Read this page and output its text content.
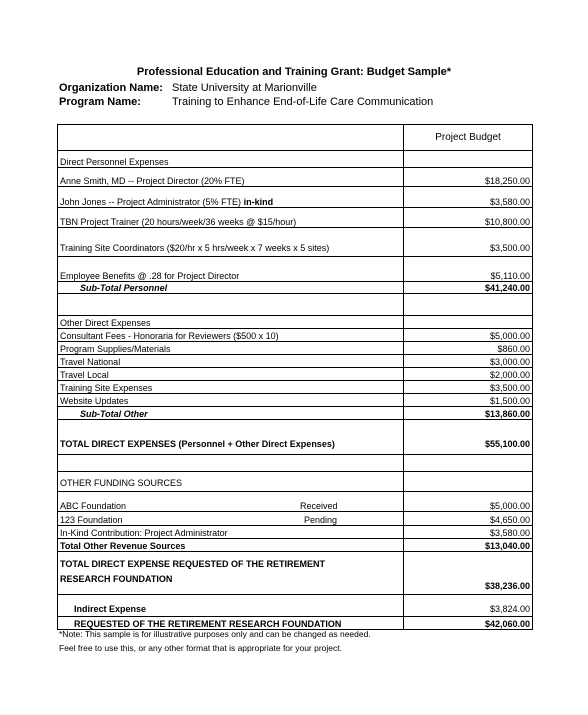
Professional Education and Training Grant: Budget Sample*
Organization Name: State University at Marionville
Program Name:	Training to Enhance End-of-Life Care Communication
	Project Budget
Direct Personnel Expenses	
Anne Smith, MD -- Project Director (20% FTE)	$18,250.00
John Jones -- Project Administrator (5% FTE) in-kind	$3,580.00
TBN Project Trainer (20 hours/week/36 weeks @ $15/hour)	$10,800.00
Training Site Coordinators ($20/hr x 5 hrs/week x 7 weeks x 5 sites)	$3,500.00
Employee Benefits @ .28 for Project Director	$5,110.00
Sub-Total Personnel	$41,240.00

Other Direct Expenses	
Consultant Fees - Honoraria for Reviewers ($500 x 10)	$5,000.00
Program Supplies/Materials	$860.00
Travel National	$3,000.00
Travel Local	$2,000.00
Training Site Expenses	$3,500.00
Website Updates	$1,500.00
Sub-Total Other	$13,860.00
TOTAL DIRECT EXPENSES (Personnel + Other Direct Expenses)	$55,100.00

OTHER FUNDING SOURCES	
ABC Foundation Received	$5,000.00
123 Foundation Pending	$4,650.00
In-Kind Contribution: Project Administrator	$3,580.00
Total Other Revenue Sources	$13,040.00

TOTAL DIRECT EXPENSE REQUESTED OF THE RETIREMENT
RESEARCH FOUNDATION	$38,236.00
Indirect Expense	$3,824.00
REQUESTED OF THE RETIREMENT RESEARCH FOUNDATION	$42,060.00
*Note: This sample is for illustrative purposes only and can be changed as needed.
Feel free to use this, or any other format that is appropriate for your project.
